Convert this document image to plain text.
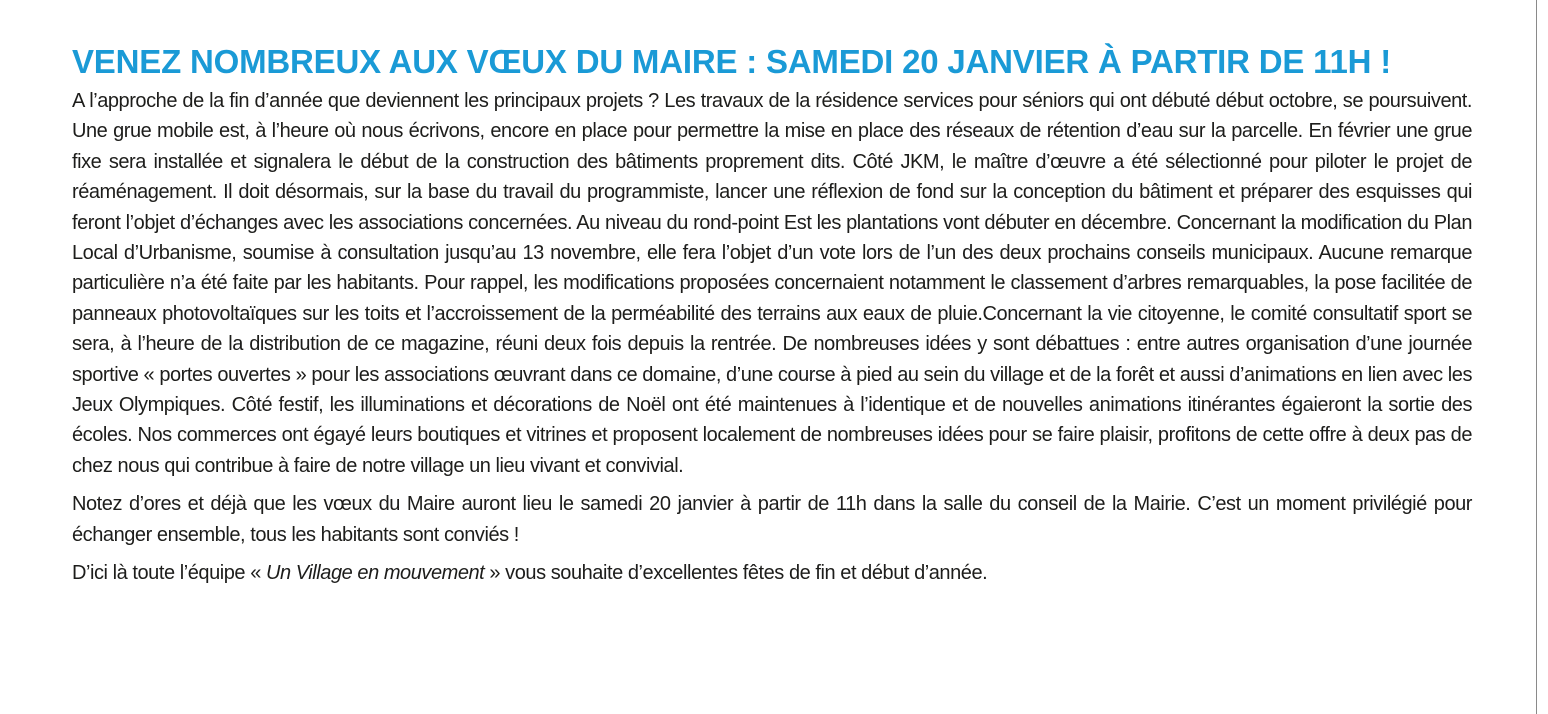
VENEZ NOMBREUX AUX VŒUX DU MAIRE : SAMEDI 20 JANVIER À PARTIR DE 11H !

A l’approche de la fin d’année que deviennent les principaux projets ? Les travaux de la résidence services pour séniors qui ont débuté début octobre, se poursuivent. Une grue mobile est, à l’heure où nous écrivons, encore en place pour permettre la mise en place des réseaux de rétention d’eau sur la parcelle. En février une grue fixe sera installée et signalera le début de la construction des bâtiments proprement dits. Côté JKM, le maître d’œuvre a été sélectionné pour piloter le projet de réaménagement. Il doit désormais, sur la base du travail du programmiste, lancer une réflexion de fond sur la conception du bâtiment et préparer des esquisses qui feront l’objet d’échanges avec les associations concernées. Au niveau du rond-point Est les plantations vont débuter en décembre. Concernant la modification du Plan Local d’Urbanisme, soumise à consultation jusqu’au 13 novembre, elle fera l’objet d’un vote lors de l’un des deux prochains conseils municipaux. Aucune remarque particulière n’a été faite par les habitants. Pour rappel, les modifications proposées concernaient notamment le classement d’arbres remarquables, la pose facilitée de panneaux photovoltaïques sur les toits et l’accroissement de la perméabilité des terrains aux eaux de pluie.Concernant la vie citoyenne, le comité consultatif sport se sera, à l’heure de la distribution de ce magazine, réuni deux fois depuis la rentrée. De nombreuses idées y sont débattues : entre autres organisation d’une journée sportive « portes ouvertes » pour les associations œuvrant dans ce domaine, d’une course à pied au sein du village et de la forêt et aussi d’animations en lien avec les Jeux Olympiques. Côté festif, les illuminations et décorations de Noël ont été maintenues à l’identique et de nouvelles animations itinérantes égaieront la sortie des écoles. Nos commerces ont égayé leurs boutiques et vitrines et proposent localement de nombreuses idées pour se faire plaisir, profitons de cette offre à deux pas de chez nous qui contribue à faire de notre village un lieu vivant et convivial.

Notez d’ores et déjà que les vœux du Maire auront lieu le samedi 20 janvier à partir de 11h dans la salle du conseil de la Mairie. C’est un moment privilégié pour échanger ensemble, tous les habitants sont conviés !

D’ici là toute l’équipe « Un Village en mouvement » vous souhaite d’excellentes fêtes de fin et début d’année.
